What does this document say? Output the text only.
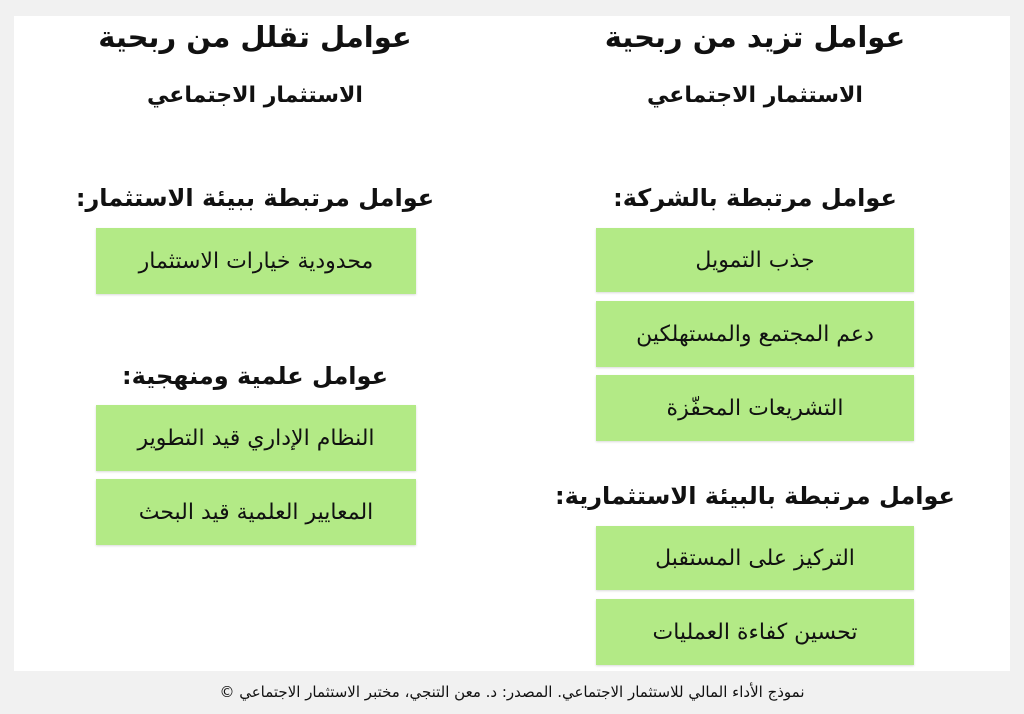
عوامل تزيد من ربحية
الاستثمار الاجتماعي
عوامل مرتبطة بالشركة:
جذب التمويل
دعم المجتمع والمستهلكين
التشريعات المحفّزة
عوامل مرتبطة بالبيئة الاستثمارية:
التركيز على المستقبل
تحسين كفاءة العمليات
عوامل تقلل من ربحية
الاستثمار الاجتماعي
عوامل مرتبطة ببيئة الاستثمار:
محدودية خيارات الاستثمار
عوامل علمية ومنهجية:
النظام الإداري قيد التطوير
المعايير العلمية قيد البحث
نموذج الأداء المالي للاستثمار الاجتماعي. المصدر: د. معن التنجي، مختبر الاستثمار الاجتماعي ©
